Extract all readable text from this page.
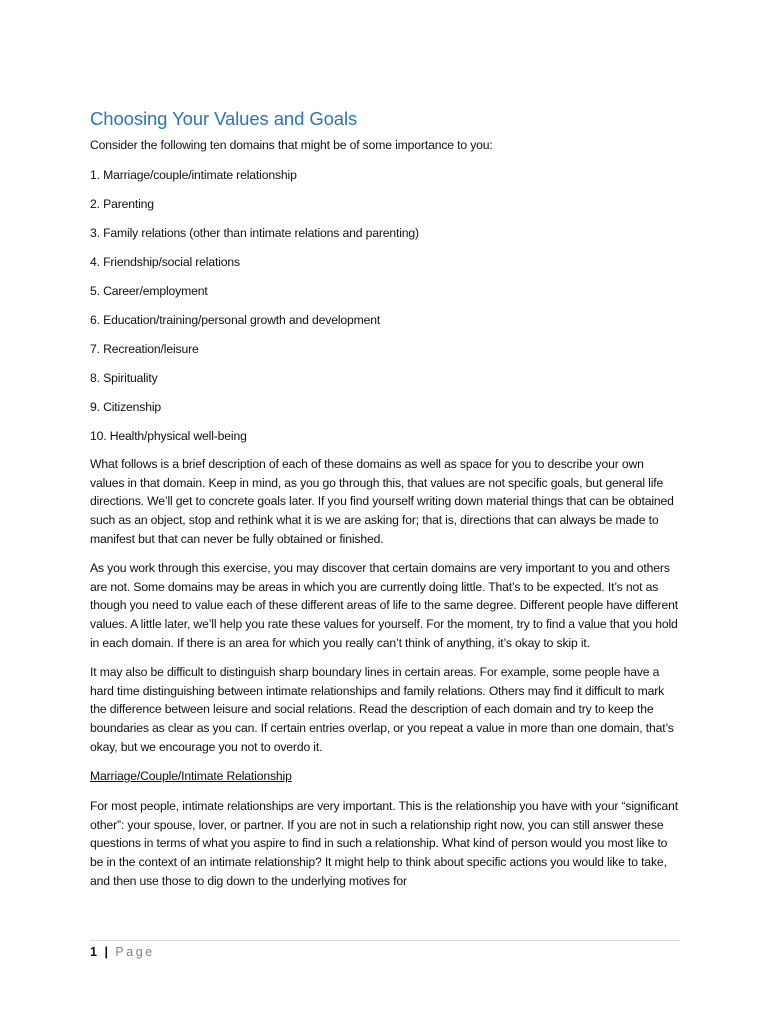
Choosing Your Values and Goals

Consider the following ten domains that might be of some importance to you:

1. Marriage/couple/intimate relationship
2. Parenting
3. Family relations (other than intimate relations and parenting)
4. Friendship/social relations
5. Career/employment
6. Education/training/personal growth and development
7. Recreation/leisure
8. Spirituality
9. Citizenship
10. Health/physical well-being

What follows is a brief description of each of these domains as well as space for you to describe your own values in that domain. Keep in mind, as you go through this, that values are not specific goals, but general life directions. We’ll get to concrete goals later. If you find yourself writing down material things that can be obtained such as an object, stop and rethink what it is we are asking for; that is, directions that can always be made to manifest but that can never be fully obtained or finished.

As you work through this exercise, you may discover that certain domains are very important to you and others are not. Some domains may be areas in which you are currently doing little. That’s to be expected. It’s not as though you need to value each of these different areas of life to the same degree. Different people have different values. A little later, we’ll help you rate these values for yourself. For the moment, try to find a value that you hold in each domain. If there is an area for which you really can’t think of anything, it’s okay to skip it.

It may also be difficult to distinguish sharp boundary lines in certain areas. For example, some people have a hard time distinguishing between intimate relationships and family relations. Others may find it difficult to mark the difference between leisure and social relations. Read the description of each domain and try to keep the boundaries as clear as you can. If certain entries overlap, or you repeat a value in more than one domain, that’s okay, but we encourage you not to overdo it.

Marriage/Couple/Intimate Relationship

For most people, intimate relationships are very important. This is the relationship you have with your “significant other”: your spouse, lover, or partner. If you are not in such a relationship right now, you can still answer these questions in terms of what you aspire to find in such a relationship. What kind of person would you most like to be in the context of an intimate relationship? It might help to think about specific actions you would like to take, and then use those to dig down to the underlying motives for

1 | Page
